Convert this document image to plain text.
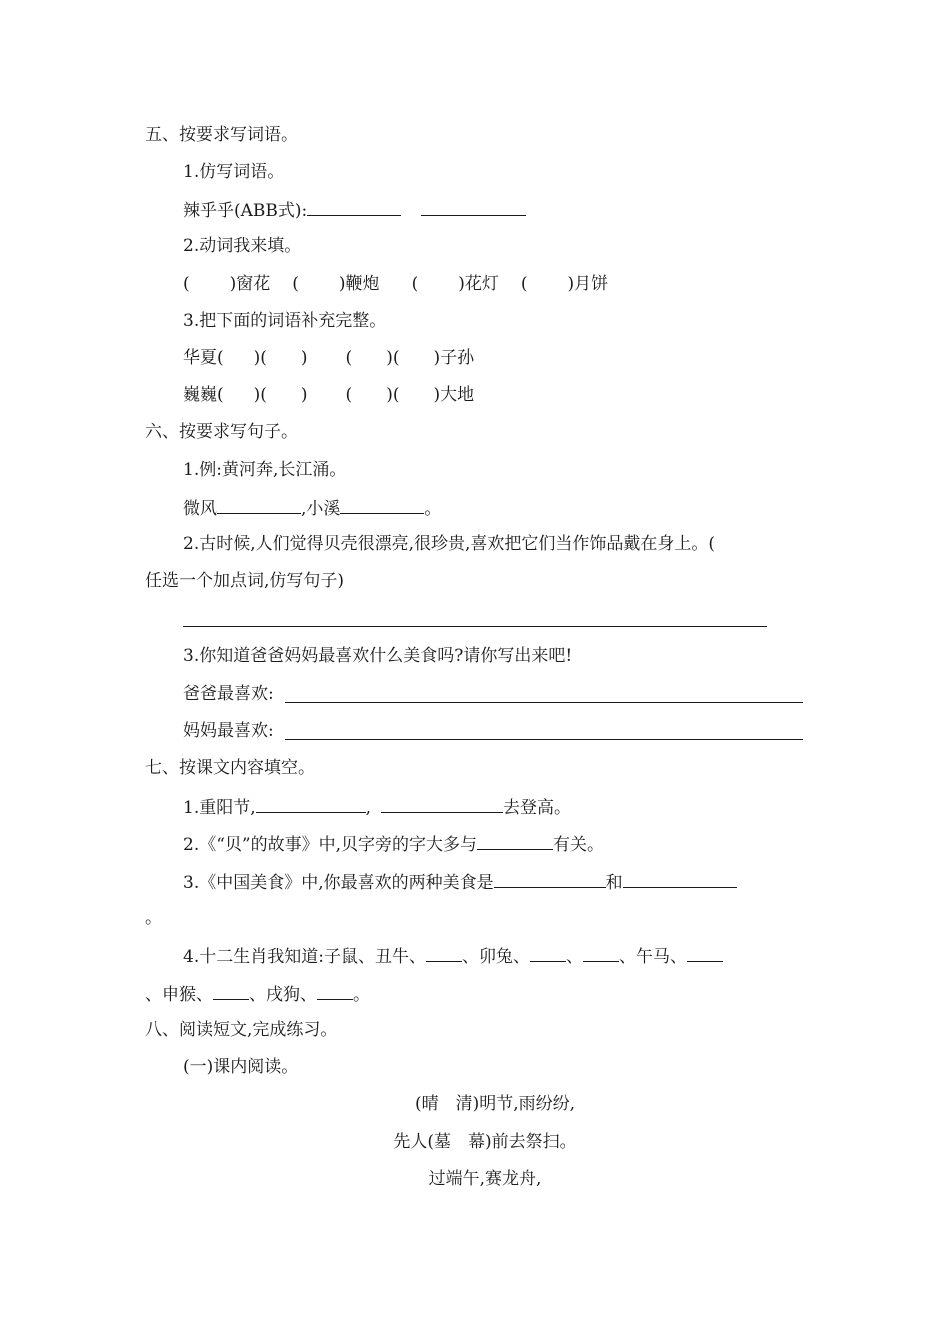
五、按要求写词语。
1.仿写词语。
辣乎乎(ABB式):
2.动词我来填。
( )窗花 ( )鞭炮 ( )花灯 ( )月饼
3.把下面的词语补充完整。
华夏( )( ) ( )( )子孙
巍巍( )( ) ( )( )大地
六、按要求写句子。
1.例:黄河奔,长江涌。
微风	,小溪	。
2.古时候,人们觉得贝壳很漂亮,很珍贵,喜欢把它们当作饰品戴在身上。(
任选一个加点词,仿写句子)
3.你知道爸爸妈妈最喜欢什么美食吗?请你写出来吧!
爸爸最喜欢:
妈妈最喜欢:
七、按课文内容填空。
1.重阳节,	,	去登高。
2.《“贝”的故事》中,贝字旁的字大多与	有关。
3.《中国美食》中,你最喜欢的两种美食是	和
。
4.十二生肖我知道:子鼠、丑牛、 、卯兔、 、 、午马、
、申猴、 、戌狗、 。
八、阅读短文,完成练习。
(一)课内阅读。
(晴　清)明节,雨纷纷,
先人(墓　幕)前去祭扫。
过端午,赛龙舟,
